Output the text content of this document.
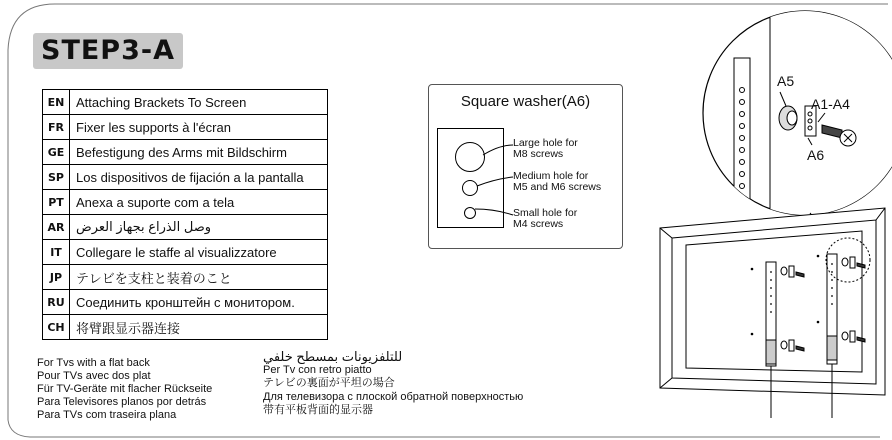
STEP3-A
EN	Attaching Brackets To Screen
FR	Fixer les supports à l'écran
GE	Befestigung des Arms mit Bildschirm
SP	Los dispositivos de fijación a la pantalla
PT	Anexa a suporte com a tela
AR	وصل الذراع بجهاز العرض
IT	Collegare le staffe al visualizzatore
JP	テレビを支柱と装着のこと
RU	Соединить кронштейн с монитором.
CH	将臂跟显示器连接
For Tvs with a flat back
Pour TVs avec dos plat
Für TV-Geräte mit flacher Rückseite
Para Televisores planos por detrás
Para TVs com traseira plana
للتلفزيونات بمسطح خلفي
Per Tv con retro piatto
テレビの裏面が平坦の場合
Для телевизора с плоской обратной поверхностью
带有平板背面的显示器
Square washer(A6)
Large hole for
M8 screws
Medium hole for
M5 and M6 screws
Small hole for
M4 screws
A5
A1-A4
A6
